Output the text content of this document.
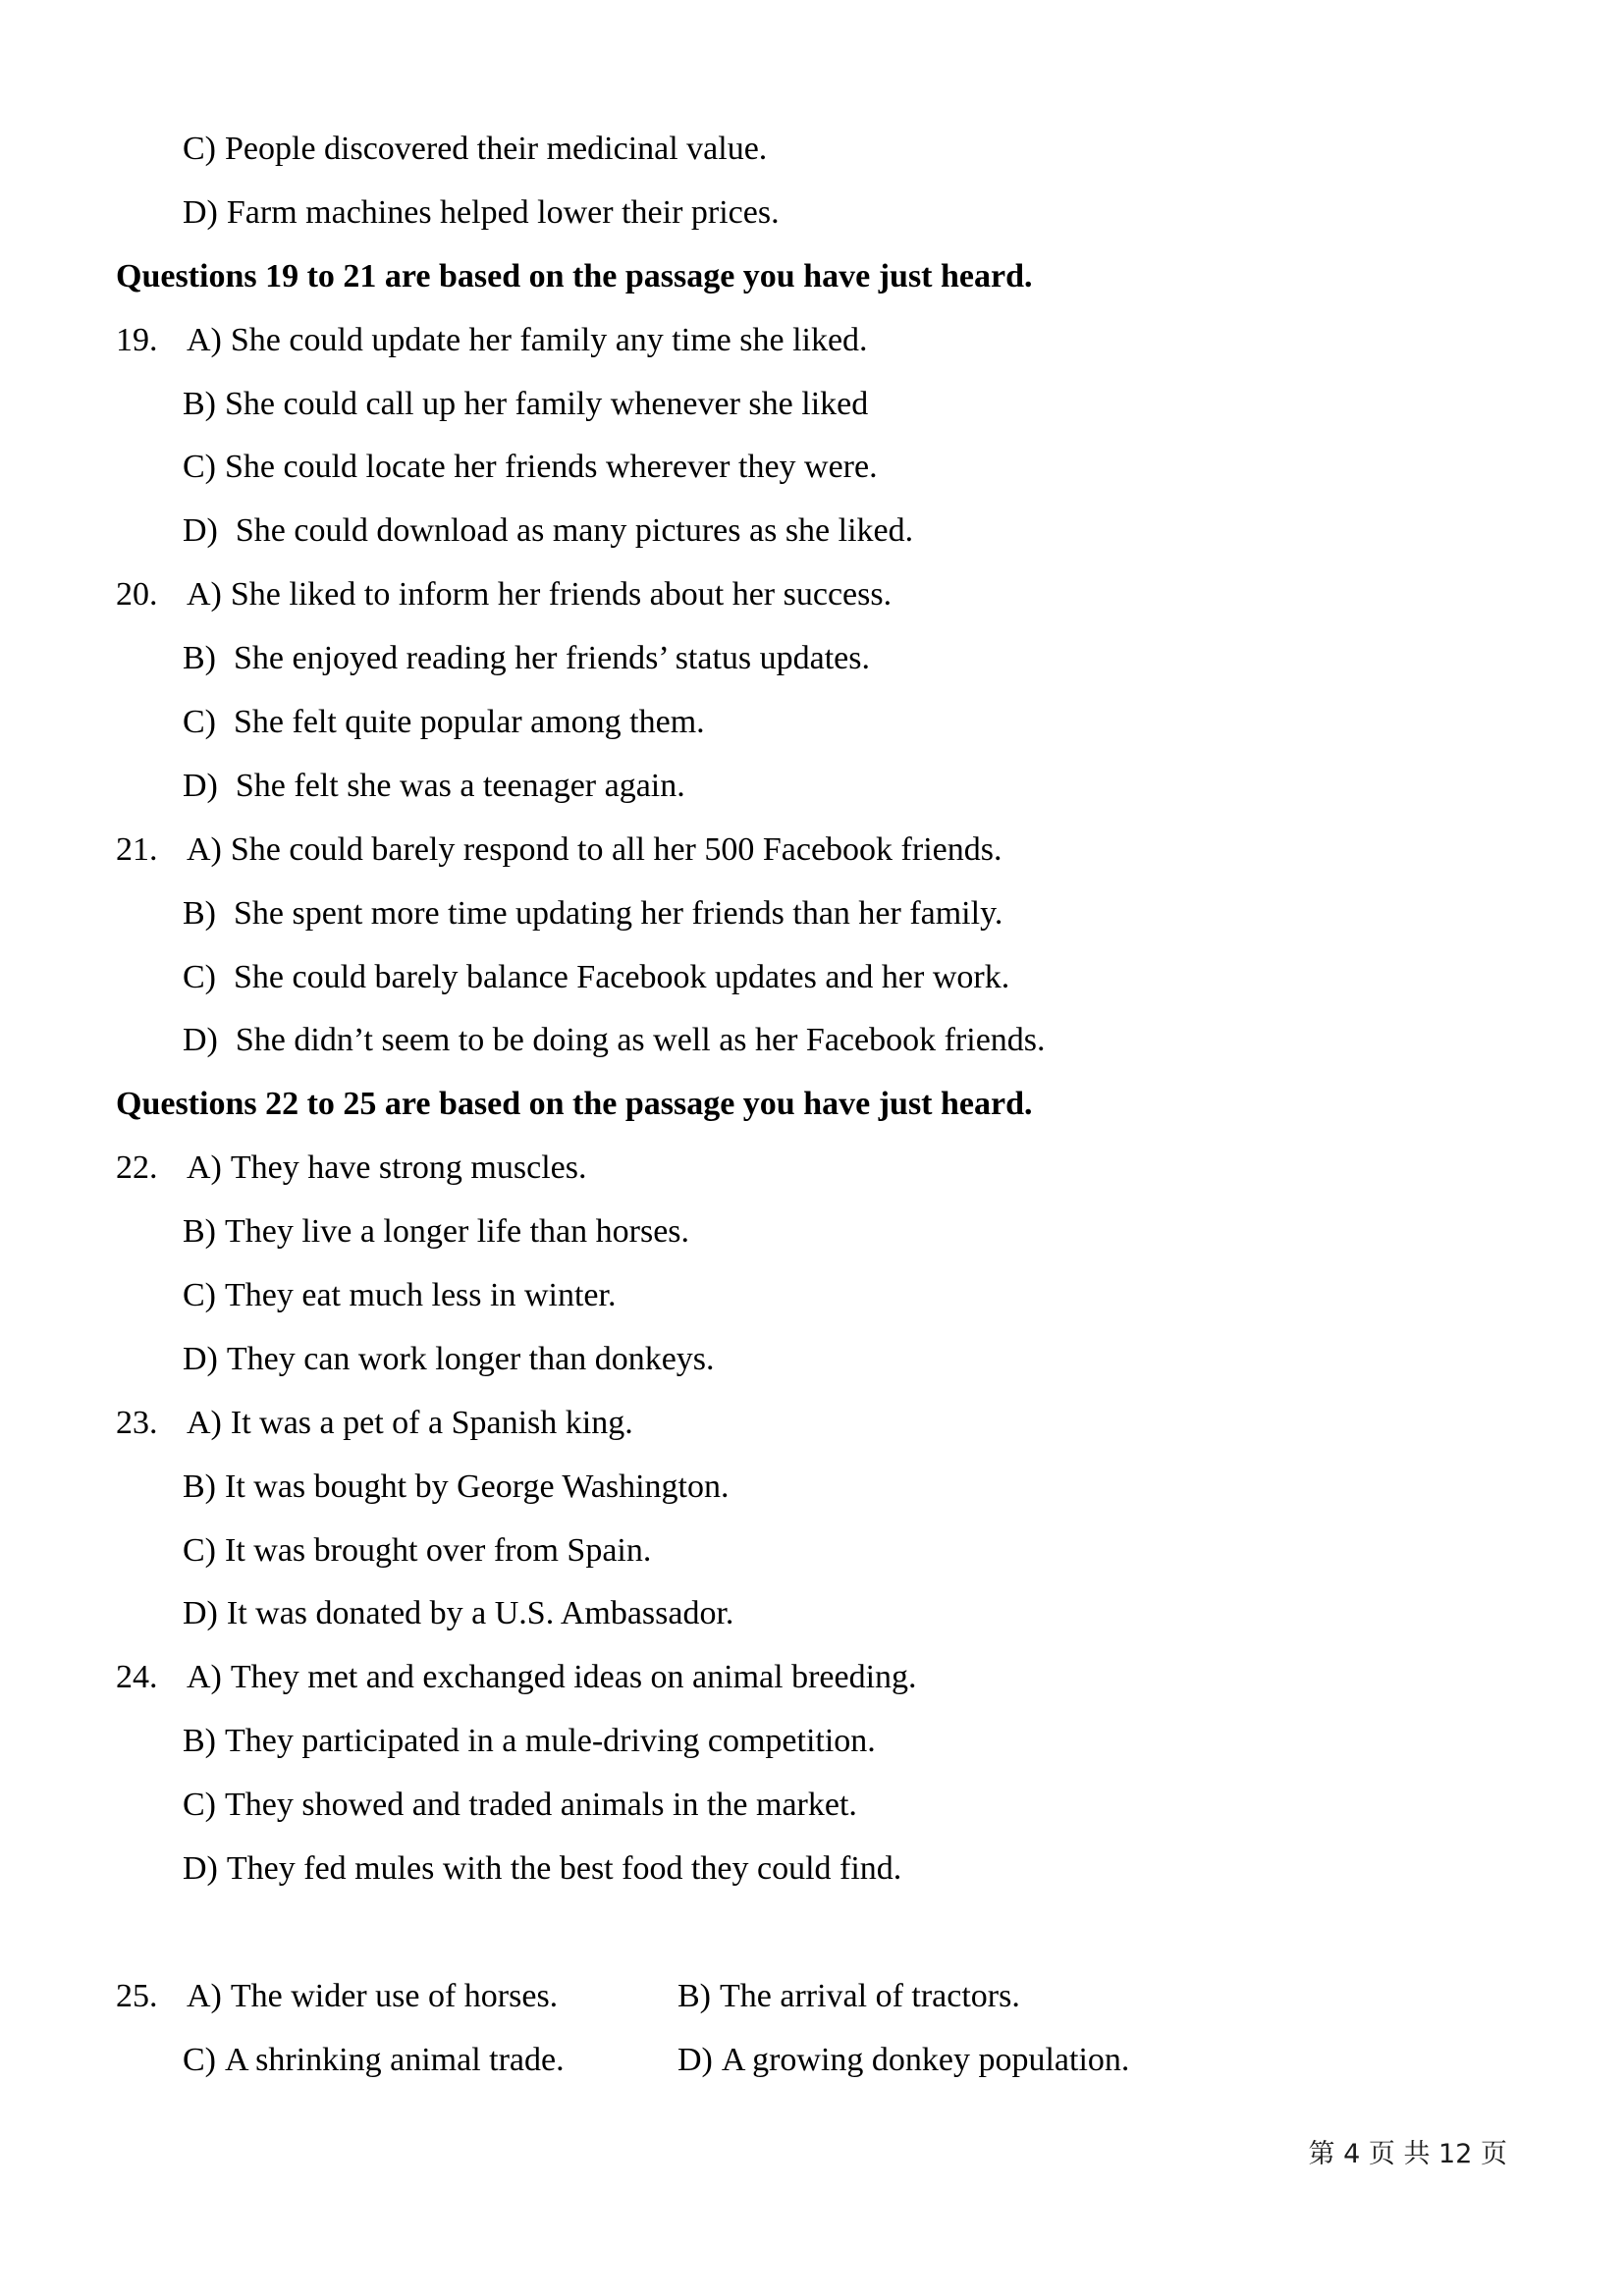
C) People discovered their medicinal value.
D) Farm machines helped lower their prices.
Questions 19 to 21 are based on the passage you have just heard.
19. A) She could update her family any time she liked.
B) She could call up her family whenever she liked
C) She could locate her friends wherever they were.
D) She could download as many pictures as she liked.
20. A) She liked to inform her friends about her success.
B) She enjoyed reading her friends’ status updates.
C) She felt quite popular among them.
D) She felt she was a teenager again.
21. A) She could barely respond to all her 500 Facebook friends.
B) She spent more time updating her friends than her family.
C) She could barely balance Facebook updates and her work.
D) She didn’t seem to be doing as well as her Facebook friends.
Questions 22 to 25 are based on the passage you have just heard.
22. A) They have strong muscles.
B) They live a longer life than horses.
C) They eat much less in winter.
D) They can work longer than donkeys.
23. A) It was a pet of a Spanish king.
B) It was bought by George Washington.
C) It was brought over from Spain.
D) It was donated by a U.S. Ambassador.
24. A) They met and exchanged ideas on animal breeding.
B) They participated in a mule-driving competition.
C) They showed and traded animals in the market.
D) They fed mules with the best food they could find.
25. A) The wider use of horses.	B) The arrival of tractors.
C) A shrinking animal trade.	D) A growing donkey population.
第 4 页 共 12 页
